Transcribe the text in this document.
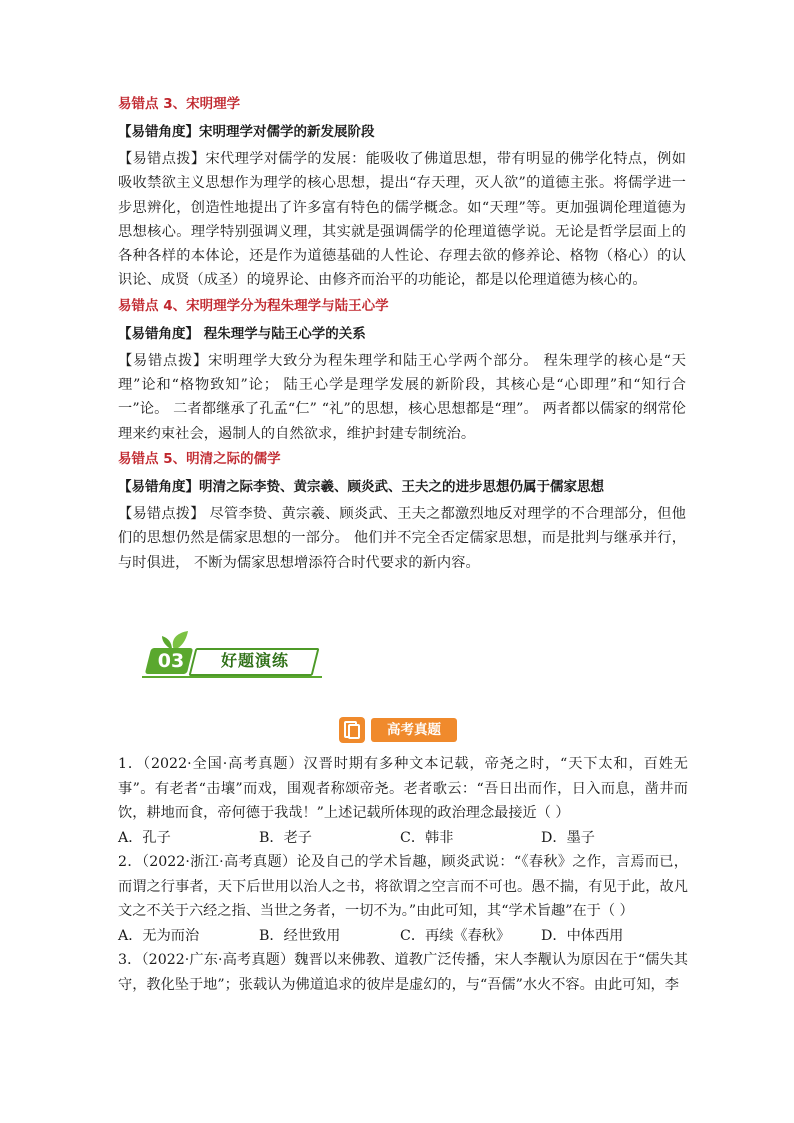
易错点 3、宋明理学
【易错角度】宋明理学对儒学的新发展阶段

【易错点拨】宋代理学对儒学的发展：能吸收了佛道思想，带有明显的佛学化特点，例如吸收禁欲主义思想作为理学的核心思想，提出“存天理，灭人欲”的道德主张。将儒学进一步思辨化，创造性地提出了许多富有特色的儒学概念。如“天理”等。更加强调伦理道德为思想核心。理学特别强调义理，其实就是强调儒学的伦理道德学说。无论是哲学层面上的各种各样的本体论，还是作为道德基础的人性论、存理去欲的修养论、格物（格心）的认识论、成贤（成圣）的境界论、由修齐而治平的功能论，都是以伦理道德为核心的。

易错点 4、宋明理学分为程朱理学与陆王心学
【易错角度】 程朱理学与陆王心学的关系

【易错点拨】宋明理学大致分为程朱理学和陆王心学两个部分。 程朱理学的核心是“天理”论和“格物致知”论； 陆王心学是理学发展的新阶段，其核心是“心即理”和“知行合一”论。 二者都继承了孔孟“仁” “礼”的思想，核心思想都是“理”。 两者都以儒家的纲常伦理来约束社会，遏制人的自然欲求，维护封建专制统治。

易错点 5、明清之际的儒学
【易错角度】明清之际李贽、黄宗羲、顾炎武、王夫之的进步思想仍属于儒家思想

【易错点拨】 尽管李贽、黄宗羲、顾炎武、王夫之都激烈地反对理学的不合理部分，但他们的思想仍然是儒家思想的一部分。 他们并不完全否定儒家思想，而是批判与继承并行，与时俱进， 不断为儒家思想增添符合时代要求的新内容。

03	好题演练
高考真题

1．（2022·全国·高考真题）汉晋时期有多种文本记载，帝尧之时，“天下太和，百姓无事”。有老者“击壤”而戏，围观者称颂帝尧。老者歌云：“吾日出而作，日入而息，凿井而饮，耕地而食，帝何德于我哉！”上述记载所体现的政治理念最接近（ ）

A．孔子	B．老子	C．韩非	D．墨子

2．（2022·浙江·高考真题）论及自己的学术旨趣，顾炎武说：“《春秋》之作，言焉而已，而谓之行事者，天下后世用以治人之书，将欲谓之空言而不可也。愚不揣，有见于此，故凡文之不关于六经之指、当世之务者，一切不为。”由此可知，其“学术旨趣”在于（ ）

A．无为而治	B．经世致用	C．再续《春秋》	D．中体西用

3．（2022·广东·高考真题）魏晋以来佛教、道教广泛传播，宋人李觏认为原因在于“儒失其守，教化坠于地”；张载认为佛道追求的彼岸是虚幻的，与“吾儒”水火不容。由此可知，李
